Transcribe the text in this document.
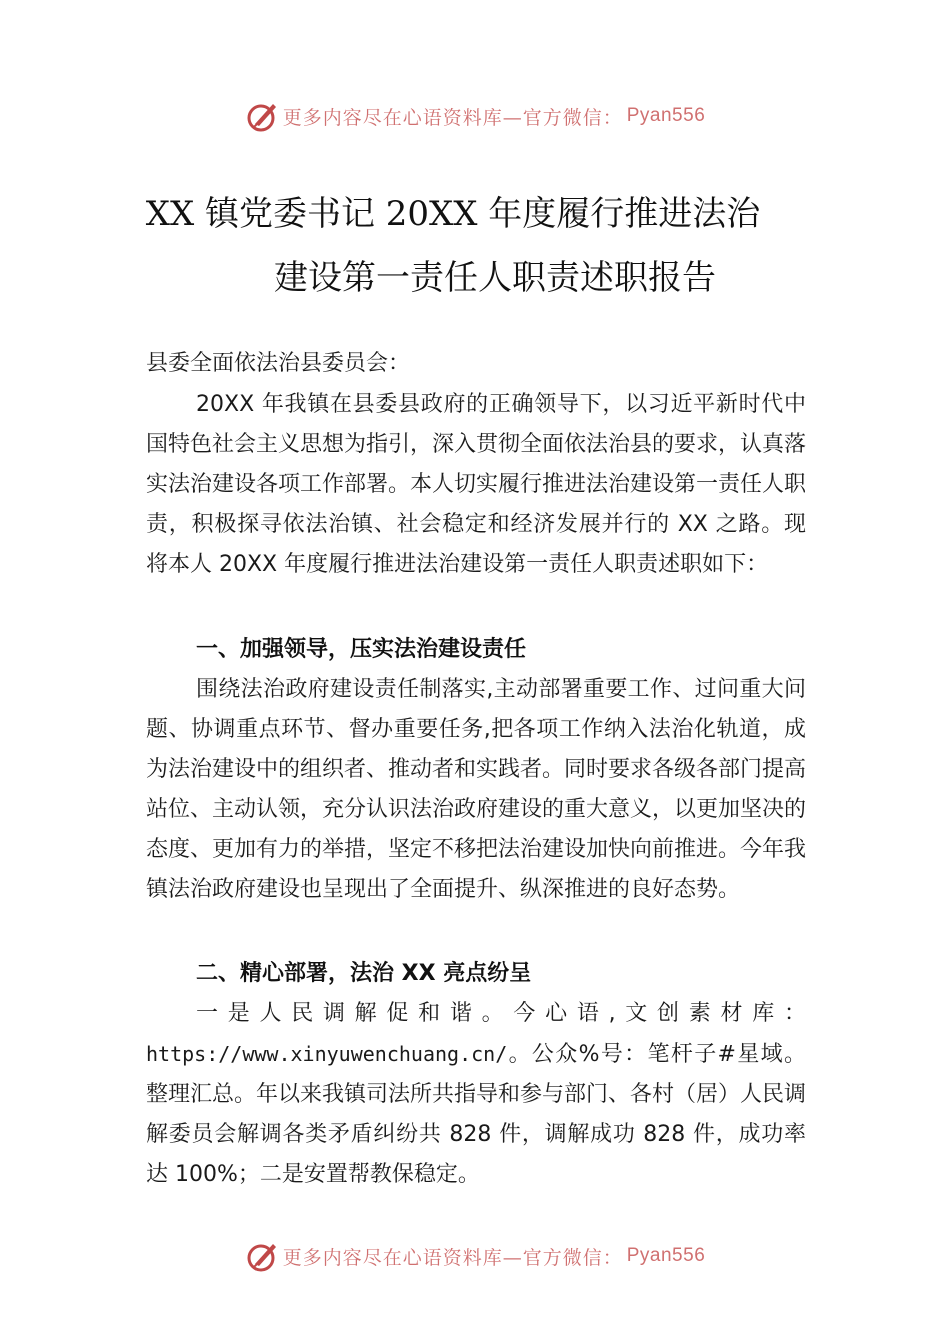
更多内容尽在心语资料库—官方微信： Pyan556
XX 镇党委书记 20XX 年度履行推进法治
建设第一责任人职责述职报告
县委全面依法治县委员会：

20XX 年我镇在县委县政府的正确领导下，以习近平新时代中国特色社会主义思想为指引，深入贯彻全面依法治县的要求，认真落实法治建设各项工作部署。本人切实履行推进法治建设第一责任人职责，积极探寻依法治镇、社会稳定和经济发展并行的 XX 之路。现将本人 20XX 年度履行推进法治建设第一责任人职责述职如下：

一、加强领导，压实法治建设责任

围绕法治政府建设责任制落实,主动部署重要工作、过问重大问题、协调重点环节、督办重要任务,把各项工作纳入法治化轨道，成为法治建设中的组织者、推动者和实践者。同时要求各级各部门提高站位、主动认领，充分认识法治政府建设的重大意义，以更加坚决的态度、更加有力的举措，坚定不移把法治建设加快向前推进。今年我镇法治政府建设也呈现出了全面提升、纵深推进的良好态势。

二、精心部署，法治 XX 亮点纷呈

一是人民调解促和谐。今心语,文创素材库：https://www.xinyuwenchuang.cn/。公众%号：笔杆子#星域。整理汇总。年以来我镇司法所共指导和参与部门、各村（居）人民调解委员会解调各类矛盾纠纷共 828 件，调解成功 828 件，成功率达 100%；二是安置帮教保稳定。

更多内容尽在心语资料库—官方微信： Pyan556
